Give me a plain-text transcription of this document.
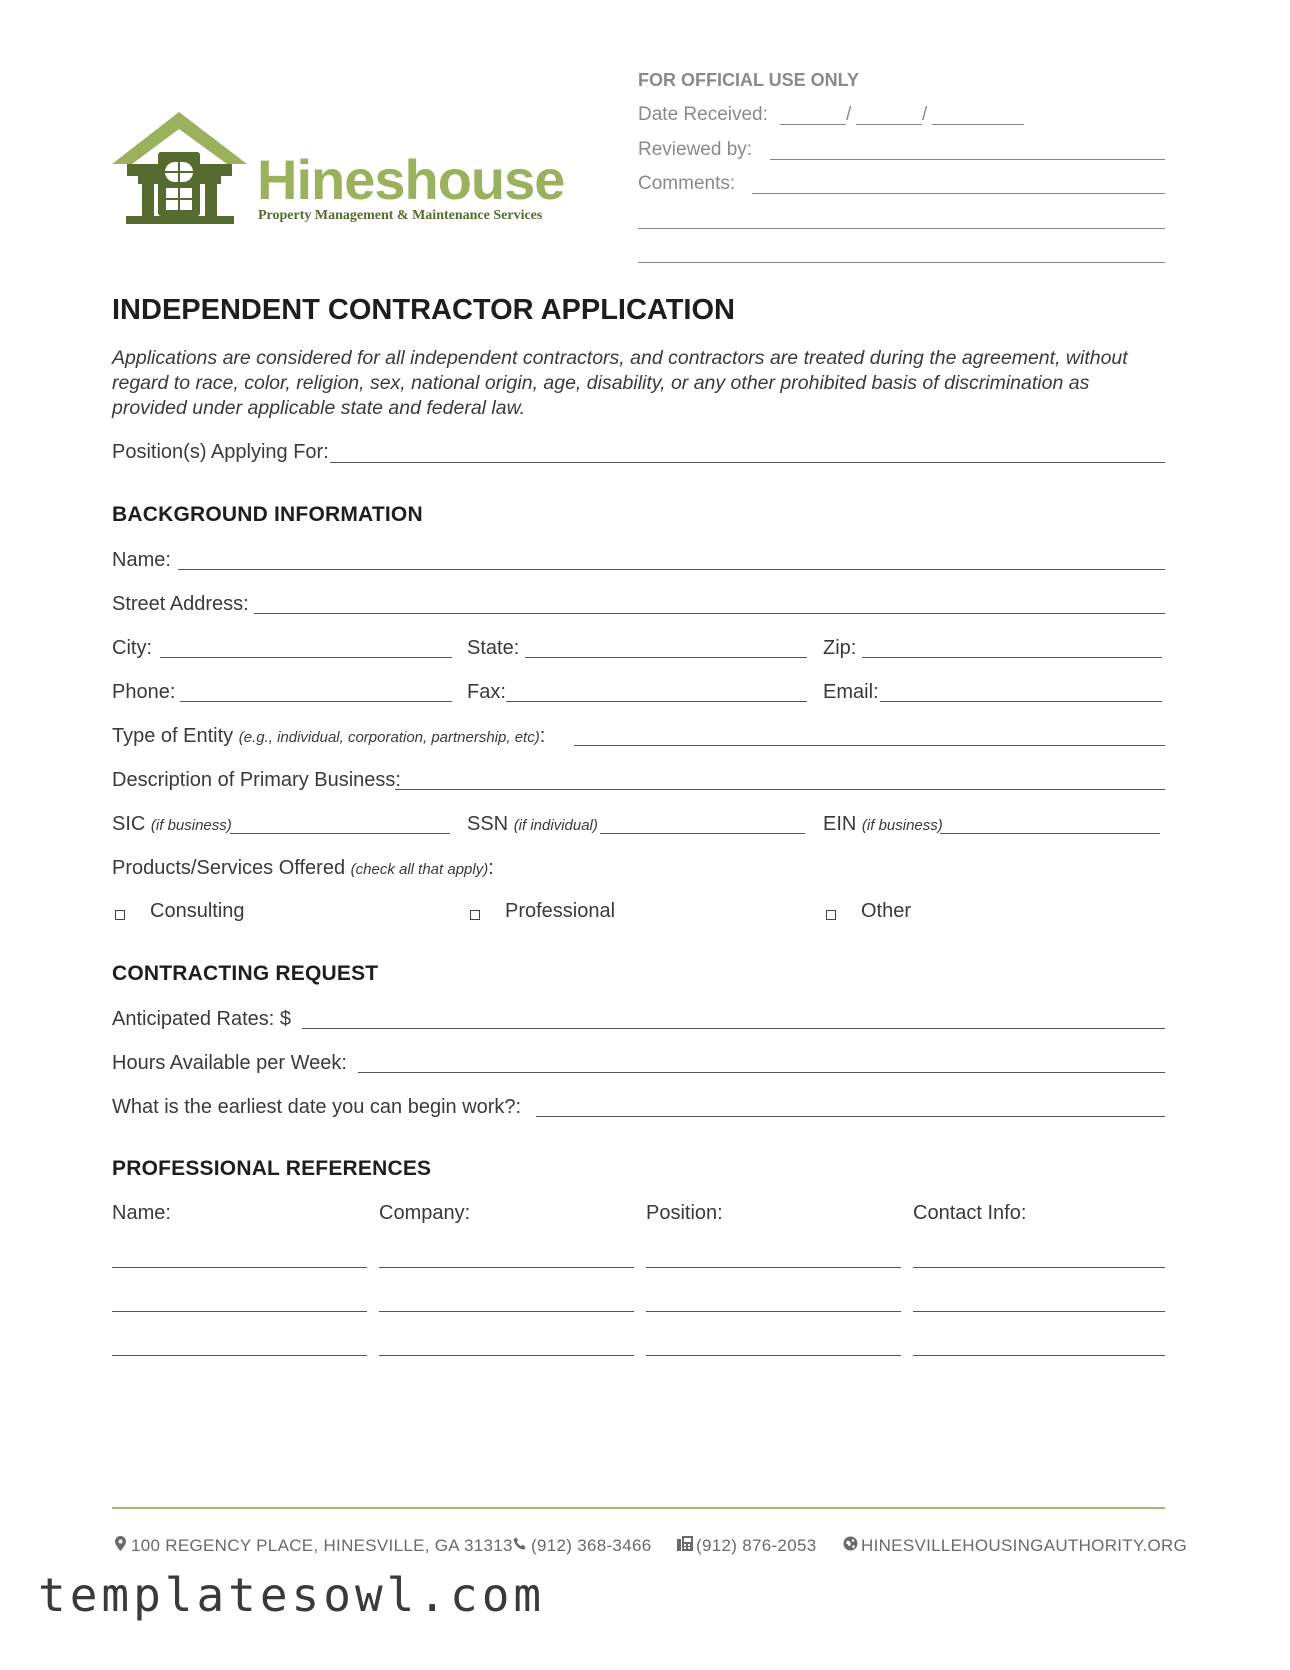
Hineshouse
Property Management & Maintenance Services
FOR OFFICIAL USE ONLY
Date Received:	/	/
Reviewed by:
Comments:
INDEPENDENT CONTRACTOR APPLICATION
Applications are considered for all independent contractors, and contractors are treated during the agreement, without regard to race, color, religion, sex, national origin, age, disability, or any other prohibited basis of discrimination as provided under applicable state and federal law.
Position(s) Applying For:
BACKGROUND INFORMATION
Name:
Street Address:
City:	State:	Zip:
Phone:	Fax:	Email:
Type of Entity (e.g., individual, corporation, partnership, etc):
Description of Primary Business:
SIC (if business)	SSN (if individual)	EIN (if business)
Products/Services Offered (check all that apply):
Consulting	Professional	Other
CONTRACTING REQUEST
Anticipated Rates: $
Hours Available per Week:
What is the earliest date you can begin work?:
PROFESSIONAL REFERENCES
Name:	Company:	Position:	Contact Info:
100 REGENCY PLACE, HINESVILLE, GA 31313	(912) 368-3466	(912) 876-2053	HINESVILLEHOUSINGAUTHORITY.ORG
templatesowl.com
